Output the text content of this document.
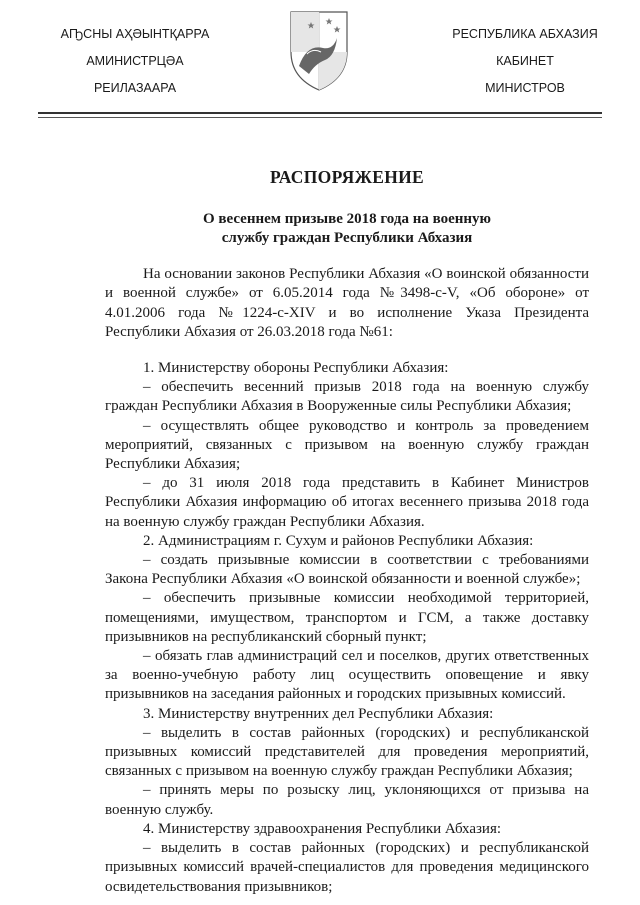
АҦСНЫ АҲӘЫНТҚАРРА
АМИНИСТРЦӘА
РЕИЛАЗААРА
РЕСПУБЛИКА АБХАЗИЯ
КАБИНЕТ
МИНИСТРОВ
РАСПОРЯЖЕНИЕ
О весеннем призыве 2018 года на военную службу граждан Республики Абхазия

На основании законов Республики Абхазия «О воинской обязанности и военной службе» от 6.05.2014 года №3498-с-V, «Об обороне» от 4.01.2006 года №1224-с-XIV и во исполнение Указа Президента Республики Абхазия от 26.03.2018 года №61:

1. Министерству обороны Республики Абхазия:

– обеспечить весенний призыв 2018 года на военную службу граждан Республики Абхазия в Вооруженные силы Республики Абхазия;

– осуществлять общее руководство и контроль за проведением мероприятий, связанных с призывом на военную службу граждан Республики Абхазия;

– до 31 июля 2018 года представить в Кабинет Министров Республики Абхазия информацию об итогах весеннего призыва 2018 года на военную службу граждан Республики Абхазия.

2. Администрациям г. Сухум и районов Республики Абхазия:

– создать призывные комиссии в соответствии с требованиями Закона Республики Абхазия «О воинской обязанности и военной службе»;

– обеспечить призывные комиссии необходимой территорией, помещениями, имуществом, транспортом и ГСМ, а также доставку призывников на республиканский сборный пункт;

– обязать глав администраций сел и поселков, других ответственных за военно-учебную работу лиц осуществить оповещение и явку призывников на заседания районных и городских призывных комиссий.

3. Министерству внутренних дел Республики Абхазия:

– выделить в состав районных (городских) и республиканской призывных комиссий представителей для проведения мероприятий, связанных с призывом на военную службу граждан Республики Абхазия;

– принять меры по розыску лиц, уклоняющихся от призыва на военную службу.

4. Министерству здравоохранения Республики Абхазия:

– выделить в состав районных (городских) и республиканской призывных комиссий врачей-специалистов для проведения медицинского освидетельствования призывников;
